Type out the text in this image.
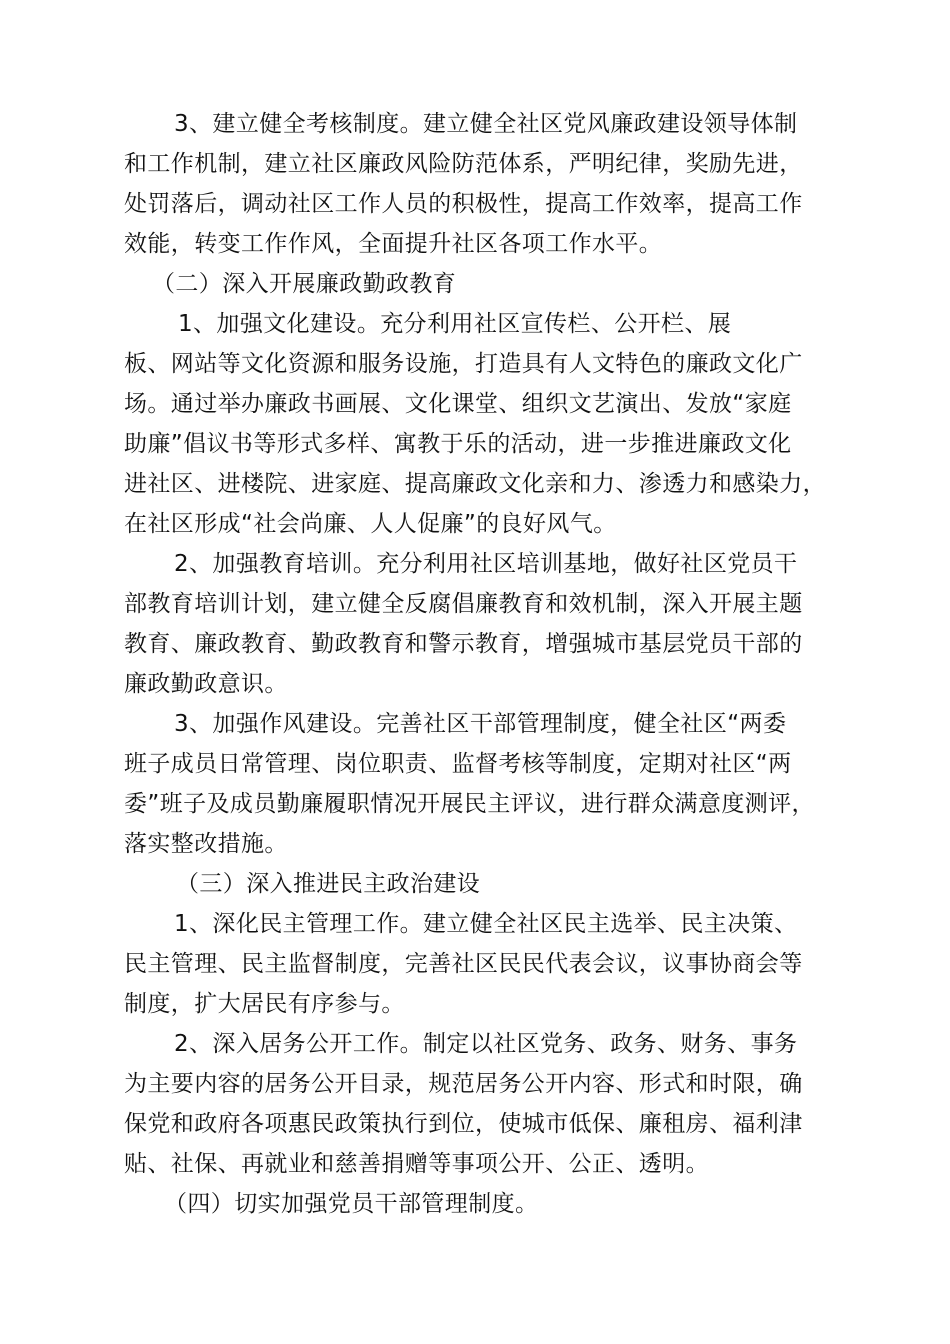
3、建立健全考核制度。建立健全社区党风廉政建设领导体制
和工作机制，建立社区廉政风险防范体系，严明纪律，奖励先进，
处罚落后，调动社区工作人员的积极性，提高工作效率，提高工作
效能，转变工作作风，全面提升社区各项工作水平。
（二）深入开展廉政勤政教育
1、加强文化建设。充分利用社区宣传栏、公开栏、展
板、网站等文化资源和服务设施，打造具有人文特色的廉政文化广
场。通过举办廉政书画展、文化课堂、组织文艺演出、发放“家庭
助廉”倡议书等形式多样、寓教于乐的活动，进一步推进廉政文化
进社区、进楼院、进家庭、提高廉政文化亲和力、渗透力和感染力，
在社区形成“社会尚廉、人人促廉”的良好风气。
2、加强教育培训。充分利用社区培训基地，做好社区党员干
部教育培训计划，建立健全反腐倡廉教育和效机制，深入开展主题
教育、廉政教育、勤政教育和警示教育，增强城市基层党员干部的
廉政勤政意识。
3、加强作风建设。完善社区干部管理制度，健全社区“两委
班子成员日常管理、岗位职责、监督考核等制度，定期对社区“两
委”班子及成员勤廉履职情况开展民主评议，进行群众满意度测评，
落实整改措施。
（三）深入推进民主政治建设
1、深化民主管理工作。建立健全社区民主选举、民主决策、
民主管理、民主监督制度，完善社区民民代表会议，议事协商会等
制度，扩大居民有序参与。
2、深入居务公开工作。制定以社区党务、政务、财务、事务
为主要内容的居务公开目录，规范居务公开内容、形式和时限，确
保党和政府各项惠民政策执行到位，使城市低保、廉租房、福利津
贴、社保、再就业和慈善捐赠等事项公开、公正、透明。
（四）切实加强党员干部管理制度。
